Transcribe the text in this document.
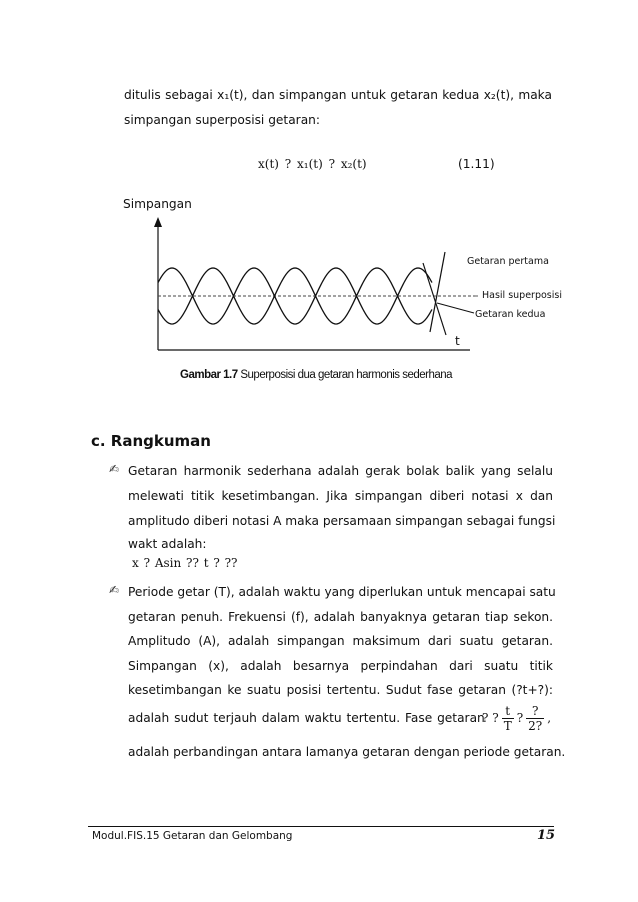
ditulis sebagai x₁(t), dan simpangan untuk getaran kedua x₂(t), maka
simpangan superposisi getaran:
x(t) ? x₁(t) ? x₂(t)	(1.11)
Simpangan
Getaran pertama
Hasil superposisi
Getaran kedua
t
Gambar 1.7 Superposisi dua getaran harmonis sederhana
c. Rangkuman
✍ Getaran harmonik sederhana adalah gerak bolak balik yang selalu
melewati titik kesetimbangan. Jika simpangan diberi notasi x dan
amplitudo diberi notasi A maka persamaan simpangan sebagai fungsi
wakt adalah:
x ? Asin ?? t ? ??
✍ Periode getar (T), adalah waktu yang diperlukan untuk mencapai satu
getaran penuh. Frekuensi (f), adalah banyaknya getaran tiap sekon.
Amplitudo (A), adalah simpangan maksimum dari suatu getaran.
Simpangan (x), adalah besarnya perpindahan dari suatu titik
kesetimbangan ke suatu posisi tertentu. Sudut fase getaran (?t+?):
adalah sudut terjauh dalam waktu tertentu. Fase getaran
? ? $\frac{t}{T}$ ? $\frac{?}{2?}$ ,
adalah perbandingan antara lamanya getaran dengan periode getaran.
Modul.FIS.15 Getaran dan Gelombang	15
